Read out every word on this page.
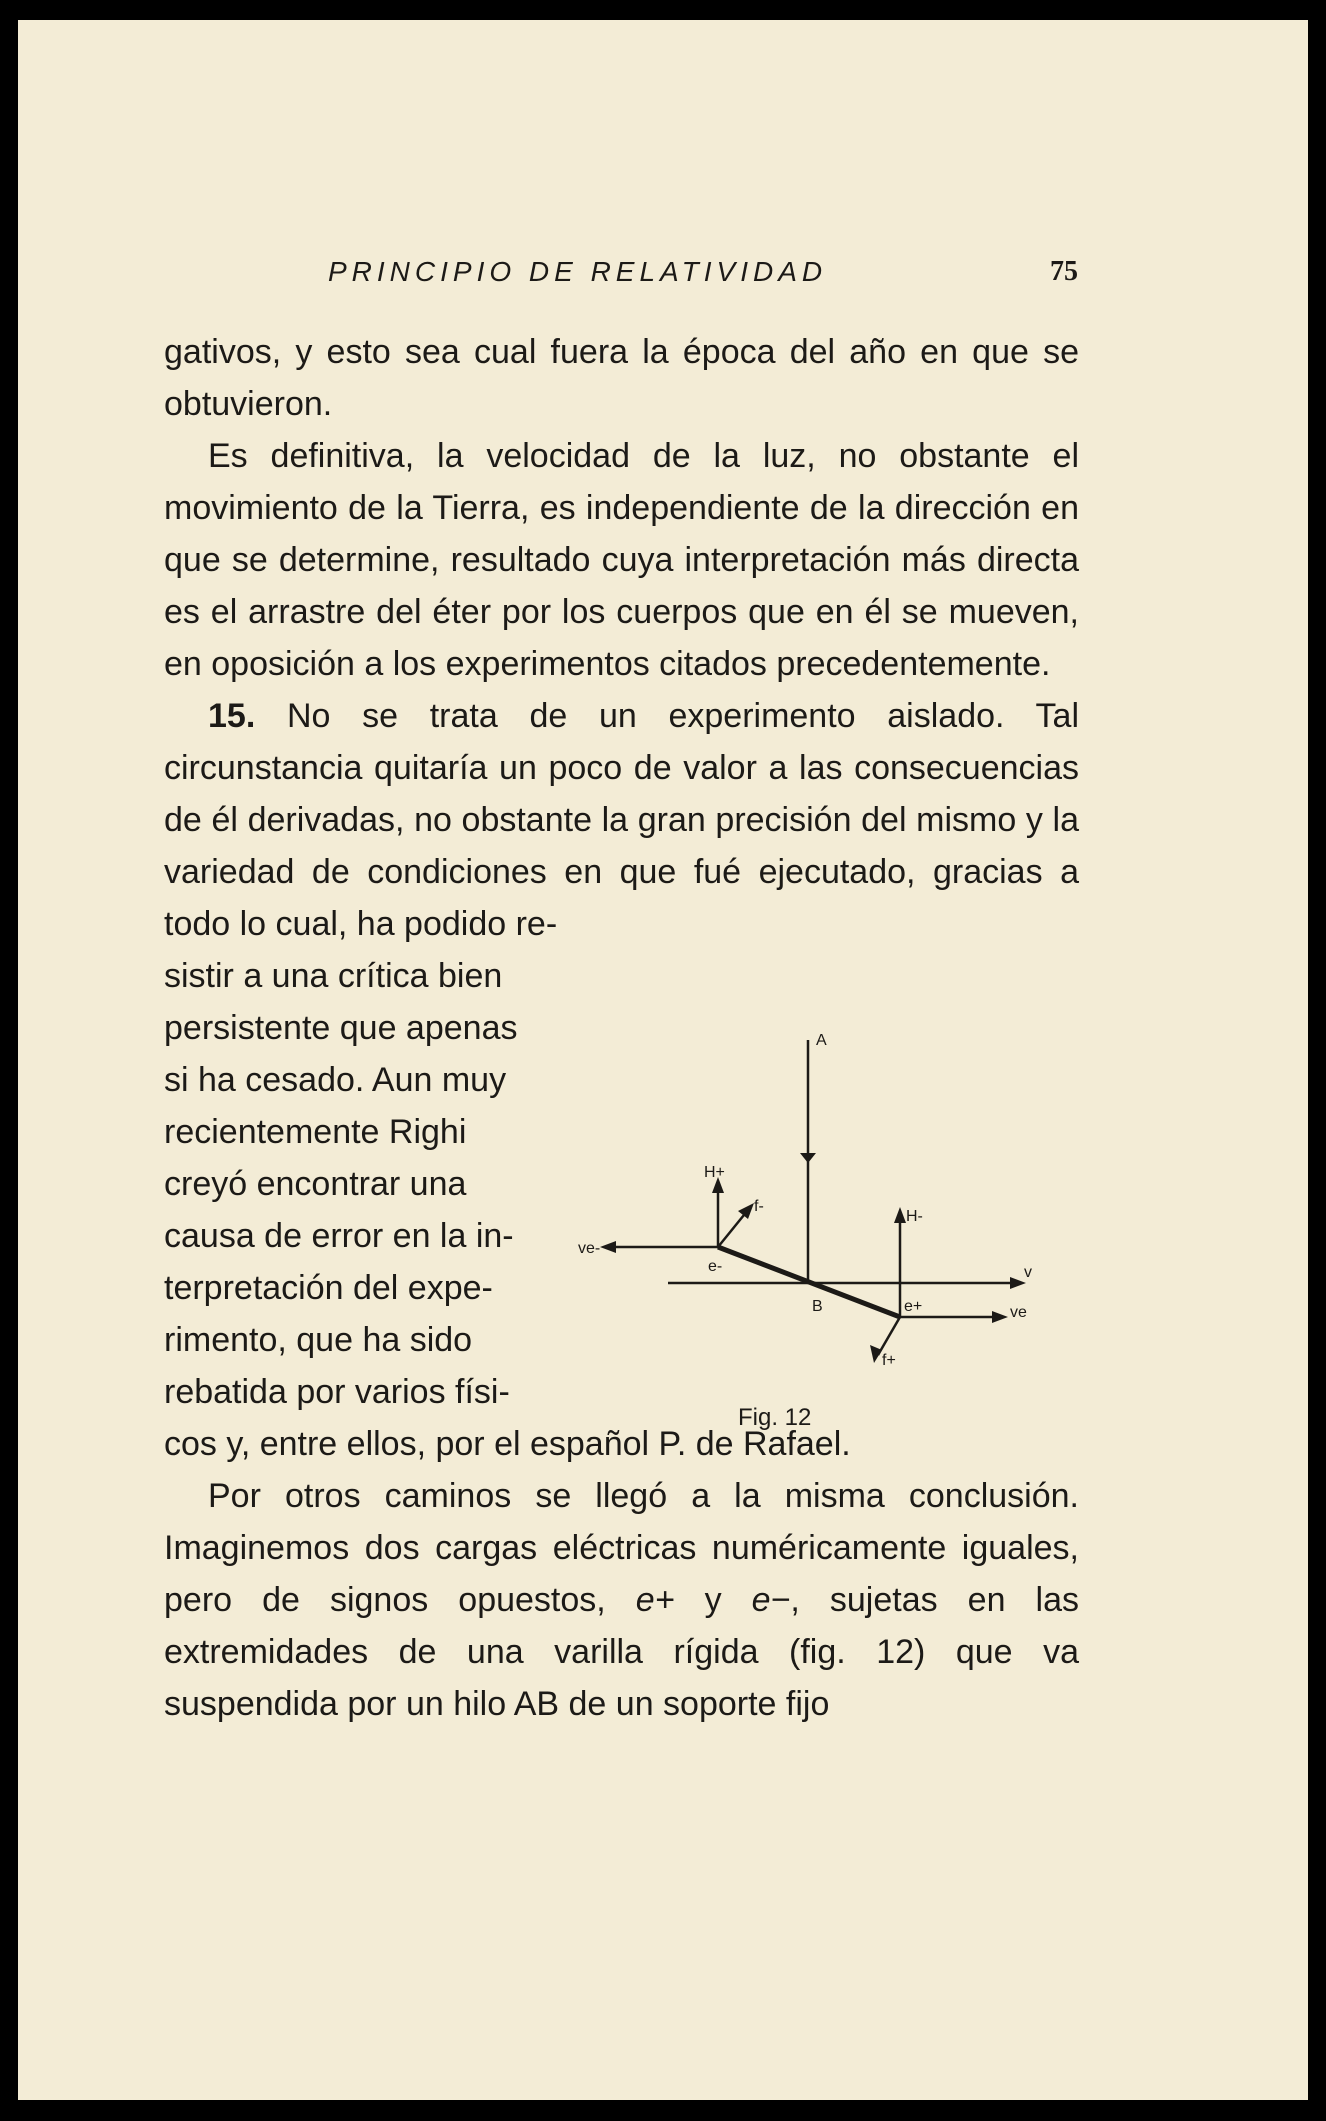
PRINCIPIO DE RELATIVIDAD	75

gativos, y esto sea cual fuera la época del año en que se obtuvieron.

Es definitiva, la velocidad de la luz, no obstante el movimiento de la Tierra, es independiente de la dirección en que se determine, resultado cuya interpretación más directa es el arrastre del éter por los cuerpos que en él se mueven, en oposición a los experimentos citados precedentemente.

15. No se trata de un experimento aislado. Tal circunstancia quitaría un poco de valor a las consecuencias de él derivadas, no obstante la gran precisión del mismo y la variedad de condiciones en que fué ejecutado, gracias a todo lo cual, ha podido re-

sistir a una crítica bien

persistente que apenas

si ha cesado. Aun muy

recientemente Righi

creyó encontrar una

causa de error en la in-

terpretación del expe-

rimento, que ha sido

rebatida por varios físi-

cos y, entre ellos, por el español P. de Rafael.

Por otros caminos se llegó a la misma conclusión. Imaginemos dos cargas eléctricas numéricamente iguales, pero de signos opuestos, e+ y e−, sujetas en las extremidades de una varilla rígida (fig. 12) que va suspendida por un hilo AB de un soporte fijo

A
B
H+
f-
ve-
e-
H-
v
e+	ve
f+
Fig. 12
